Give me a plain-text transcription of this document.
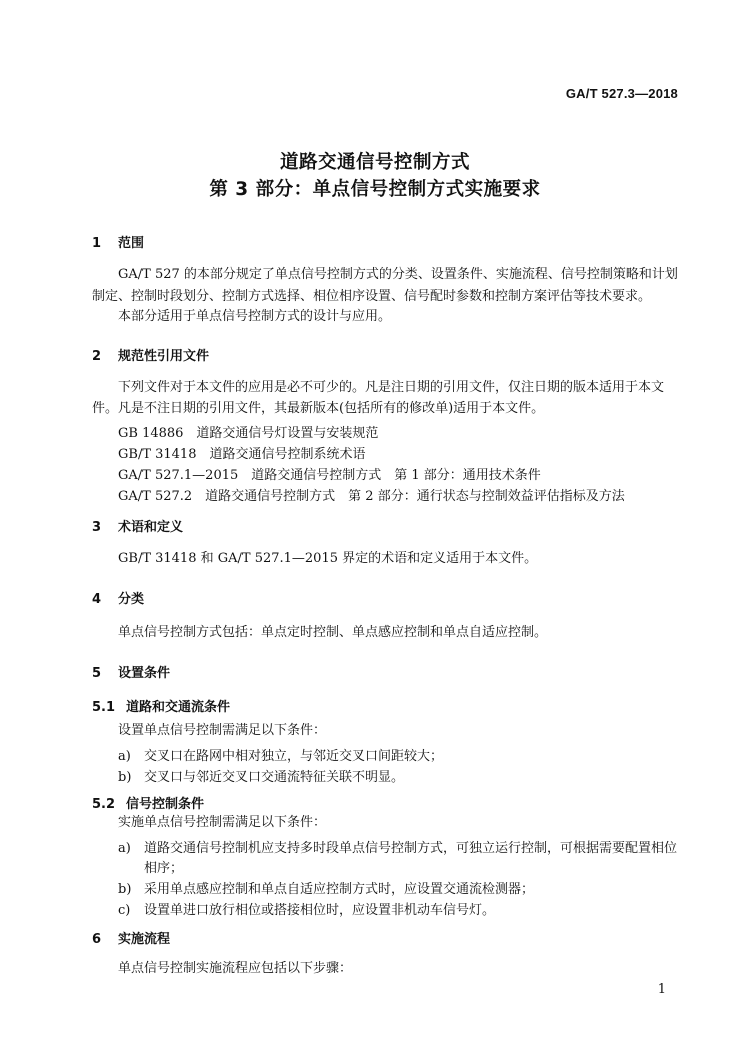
GA/T 527.3—2018
道路交通信号控制方式
第 3 部分：单点信号控制方式实施要求
1 范围
GA/T 527 的本部分规定了单点信号控制方式的分类、设置条件、实施流程、信号控制策略和计划
制定、控制时段划分、控制方式选择、相位相序设置、信号配时参数和控制方案评估等技术要求。
本部分适用于单点信号控制方式的设计与应用。
2 规范性引用文件
下列文件对于本文件的应用是必不可少的。凡是注日期的引用文件，仅注日期的版本适用于本文
件。凡是不注日期的引用文件，其最新版本(包括所有的修改单)适用于本文件。
GB 14886　道路交通信号灯设置与安装规范
GB/T 31418　道路交通信号控制系统术语
GA/T 527.1—2015　道路交通信号控制方式　第 1 部分：通用技术条件
GA/T 527.2　道路交通信号控制方式　第 2 部分：通行状态与控制效益评估指标及方法
3 术语和定义
GB/T 31418 和 GA/T 527.1—2015 界定的术语和定义适用于本文件。
4 分类
单点信号控制方式包括：单点定时控制、单点感应控制和单点自适应控制。
5 设置条件
5.1 道路和交通流条件
设置单点信号控制需满足以下条件：
a) 交叉口在路网中相对独立，与邻近交叉口间距较大；
b) 交叉口与邻近交叉口交通流特征关联不明显。
5.2 信号控制条件
实施单点信号控制需满足以下条件：
a) 道路交通信号控制机应支持多时段单点信号控制方式，可独立运行控制，可根据需要配置相位
相序；
b) 采用单点感应控制和单点自适应控制方式时，应设置交通流检测器；
c) 设置单进口放行相位或搭接相位时，应设置非机动车信号灯。
6 实施流程
单点信号控制实施流程应包括以下步骤：
1
